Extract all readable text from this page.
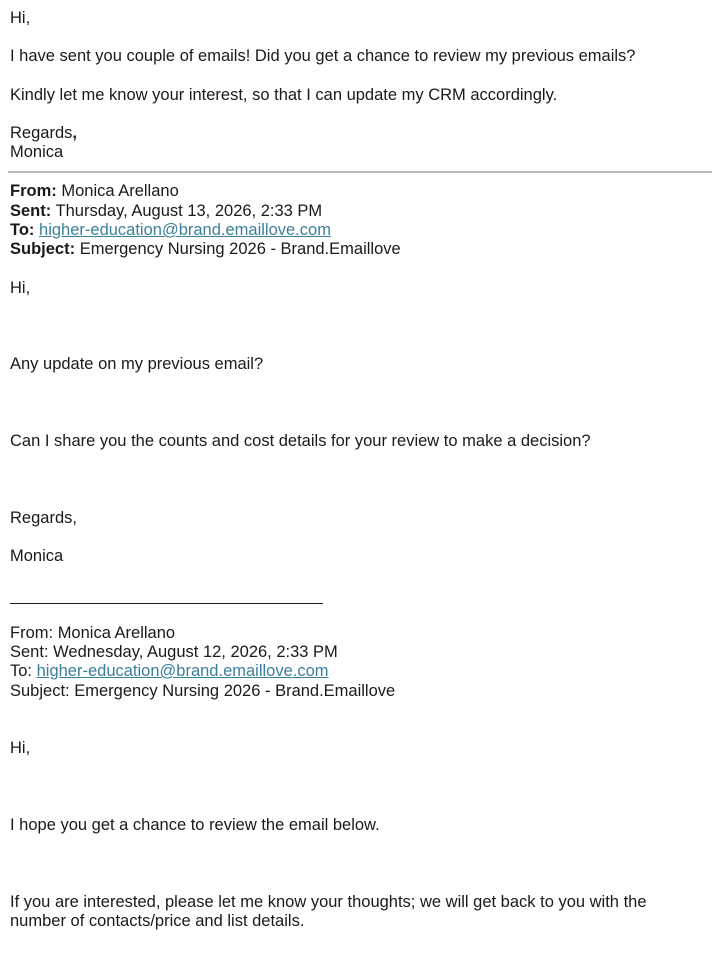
Hi,
I have sent you couple of emails! Did you get a chance to review my previous emails?
Kindly let me know your interest, so that I can update my CRM accordingly.
Regards,
Monica
From: Monica Arellano
Sent: Thursday, August 13, 2026, 2:33 PM
To: higher-education@brand.emaillove.com
Subject: Emergency Nursing 2026 - Brand.Emaillove
Hi,
Any update on my previous email?
Can I share you the counts and cost details for your review to make a decision?
Regards,
Monica
From: Monica Arellano
Sent: Wednesday, August 12, 2026, 2:33 PM
To: higher-education@brand.emaillove.com
Subject: Emergency Nursing 2026 - Brand.Emaillove
Hi,
I hope you get a chance to review the email below.
If you are interested, please let me know your thoughts; we will get back to you with the number of contacts/price and list details.
